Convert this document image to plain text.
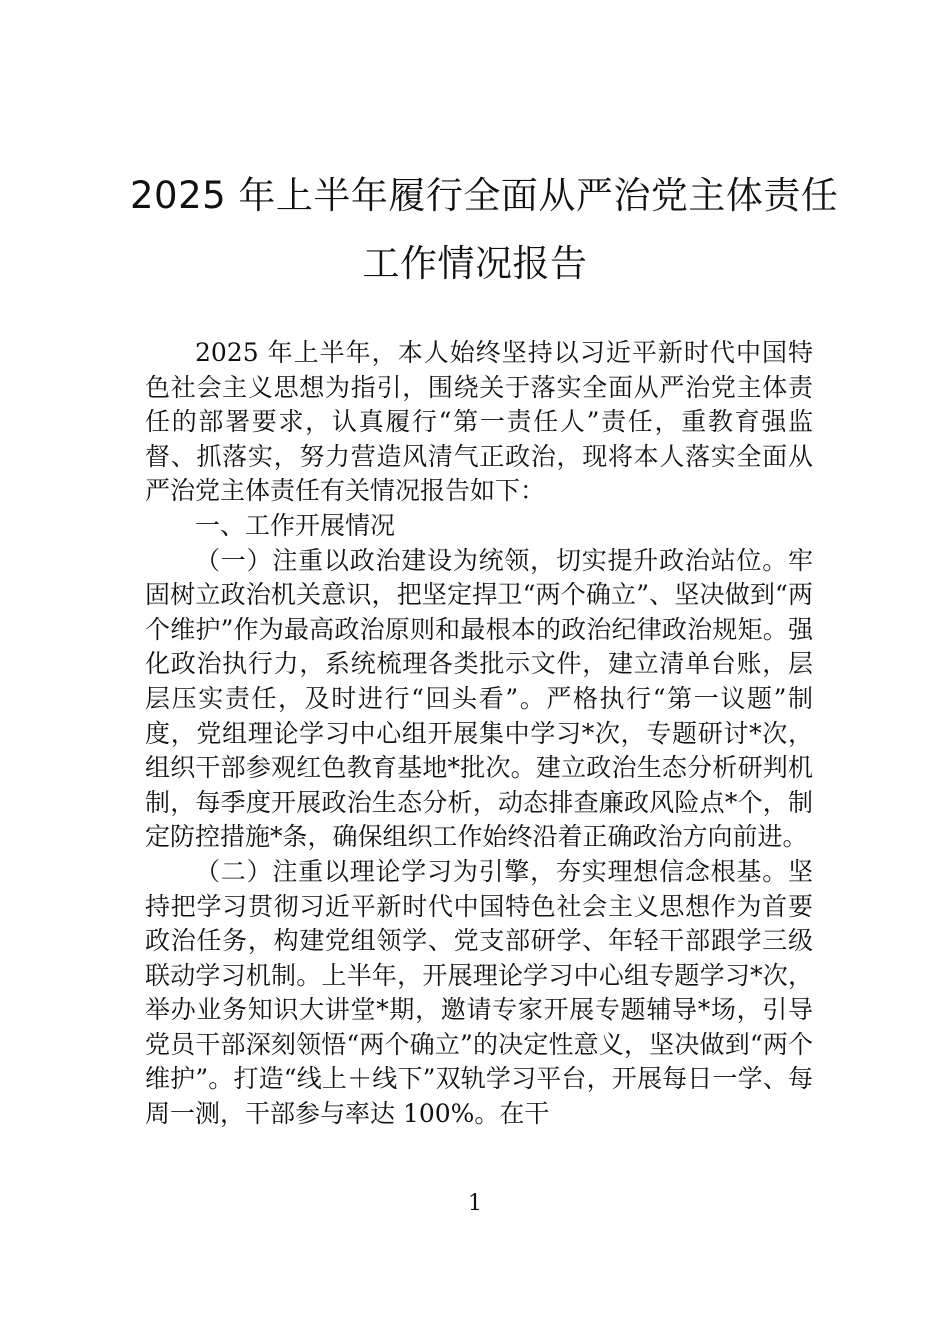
2025 年上半年履行全面从严治党主体责任
工作情况报告

2025 年上半年，本人始终坚持以习近平新时代中国特色社会主义思想为指引，围绕关于落实全面从严治党主体责任的部署要求，认真履行“第一责任人”责任，重教育强监督、抓落实，努力营造风清气正政治，现将本人落实全面从严治党主体责任有关情况报告如下：

一、工作开展情况

（一）注重以政治建设为统领，切实提升政治站位。牢固树立政治机关意识，把坚定捍卫“两个确立”、坚决做到“两个维护”作为最高政治原则和最根本的政治纪律政治规矩。强化政治执行力，系统梳理各类批示文件，建立清单台账，层层压实责任，及时进行“回头看”。严格执行“第一议题”制度，党组理论学习中心组开展集中学习*次，专题研讨*次，组织干部参观红色教育基地*批次。建立政治生态分析研判机制，每季度开展政治生态分析，动态排查廉政风险点*个，制定防控措施*条，确保组织工作始终沿着正确政治方向前进。

（二）注重以理论学习为引擎，夯实理想信念根基。坚持把学习贯彻习近平新时代中国特色社会主义思想作为首要政治任务，构建党组领学、党支部研学、年轻干部跟学三级联动学习机制。上半年，开展理论学习中心组专题学习*次，举办业务知识大讲堂*期，邀请专家开展专题辅导*场，引导党员干部深刻领悟“两个确立”的决定性意义，坚决做到“两个维护”。打造“线上＋线下”双轨学习平台，开展每日一学、每周一测，干部参与率达 100%。在干

1
